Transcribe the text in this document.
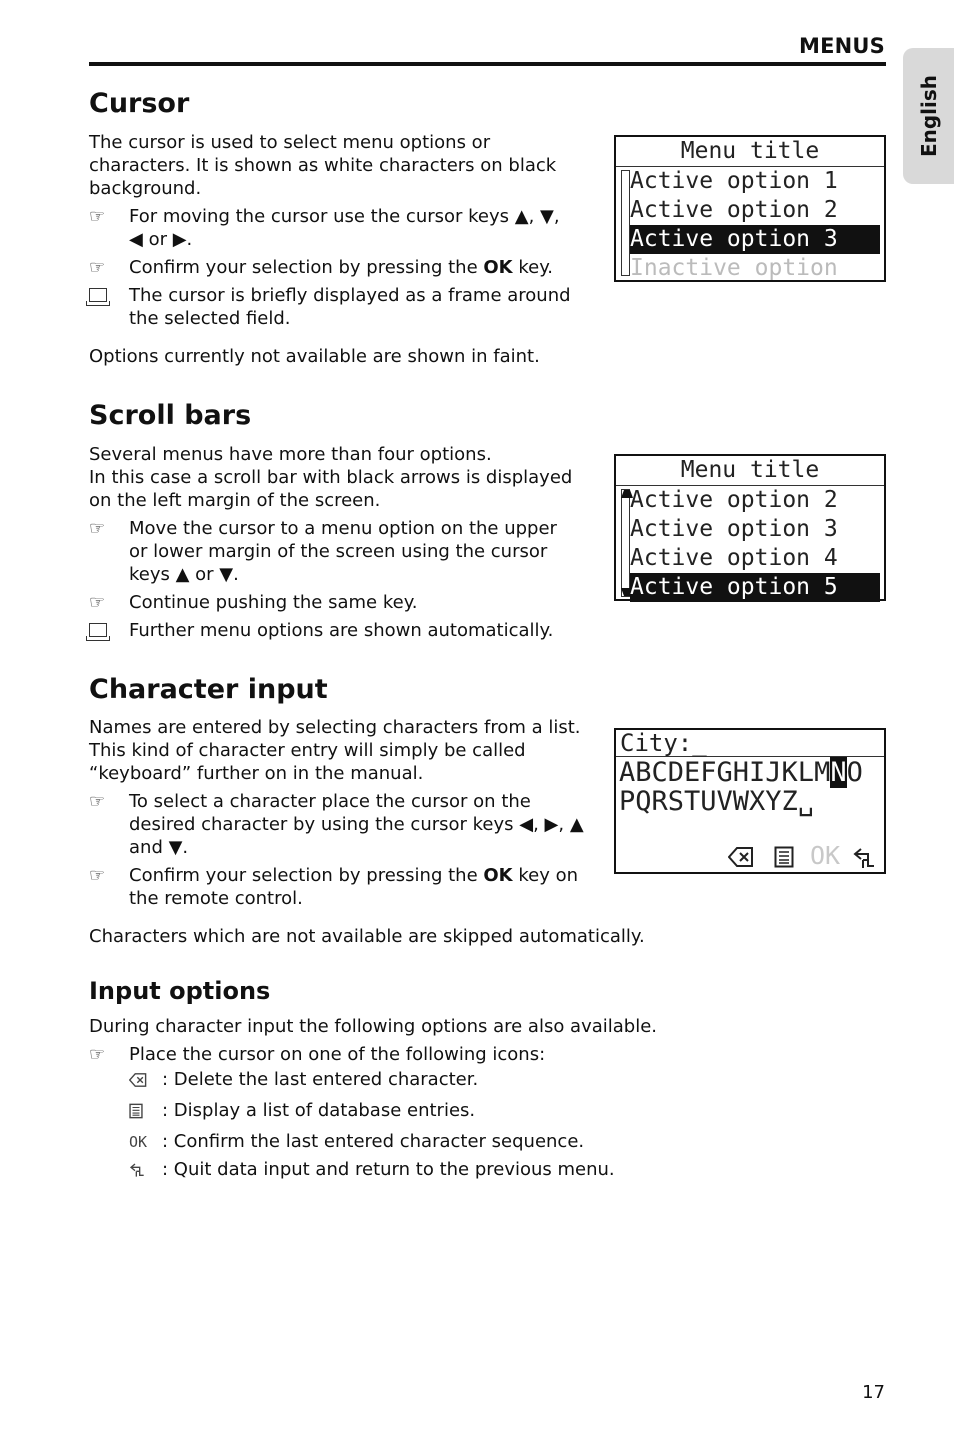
MENUS
English
Cursor
The cursor is used to select menu options or characters. It is shown as white characters on black background.
☞	For moving the cursor use the cursor keys ▲, ▼, ◀ or ▶.
☞	Confirm your selection by pressing the OK key.
The cursor is briefly displayed as a frame around the selected field.
Options currently not available are shown in faint.
Menu title
Active option 1
Active option 2
Active option 3
Inactive option
Scroll bars
Several menus have more than four options.
In this case a scroll bar with black arrows is displayed on the left margin of the screen.
☞	Move the cursor to a menu option on the upper or lower margin of the screen using the cursor keys ▲ or ▼.
☞	Continue pushing the same key.
Further menu options are shown automatically.
Menu title
Active option 2
Active option 3
Active option 4
Active option 5
Character input
Names are entered by selecting characters from a list. This kind of character entry will simply be called “keyboard” further on in the manual.
☞	To select a character place the cursor on the desired character by using the cursor keys ◀, ▶, ▲ and ▼.
☞	Confirm your selection by pressing the OK key on the remote control.
Characters which are not available are skipped automatically.
City:_
ABCDEFGHIJKLMNO
PQRSTUVWXYZ␣
OK
Input options
During character input the following options are also available.
☞	Place the cursor on one of the following icons:
: Delete the last entered character.
: Display a list of database entries.
OK : Confirm the last entered character sequence.
: Quit data input and return to the previous menu.
17
